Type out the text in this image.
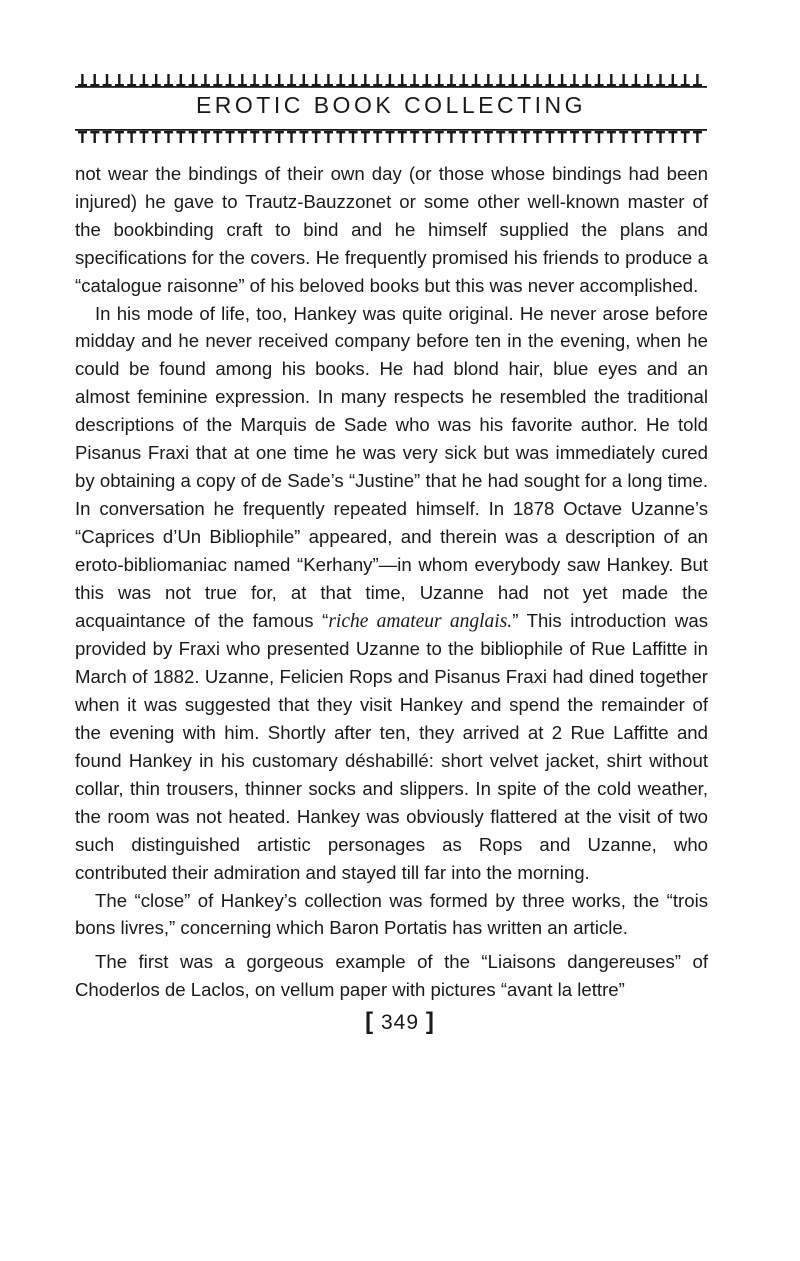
EROTIC BOOK COLLECTING

not wear the bindings of their own day (or those whose bindings had been injured) he gave to Trautz-Bauzzonet or some other well-known master of the bookbinding craft to bind and he himself supplied the plans and specifications for the covers. He frequently promised his friends to produce a “catalogue raisonne” of his beloved books but this was never accomplished.

In his mode of life, too, Hankey was quite original. He never arose before midday and he never received company before ten in the evening, when he could be found among his books. He had blond hair, blue eyes and an almost feminine expression. In many respects he resembled the traditional descriptions of the Marquis de Sade who was his favorite author. He told Pisanus Fraxi that at one time he was very sick but was immediately cured by obtaining a copy of de Sade’s “Justine” that he had sought for a long time. In conversation he frequently repeated himself. In 1878 Octave Uzanne’s “Caprices d’Un Bibliophile” appeared, and therein was a description of an eroto-bibliomaniac named “Kerhany”—in whom everybody saw Hankey. But this was not true for, at that time, Uzanne had not yet made the acquaintance of the famous “riche amateur anglais.” This introduction was provided by Fraxi who presented Uzanne to the bibliophile of Rue Laffitte in March of 1882. Uzanne, Felicien Rops and Pisanus Fraxi had dined together when it was suggested that they visit Hankey and spend the remainder of the evening with him. Shortly after ten, they arrived at 2 Rue Laffitte and found Hankey in his customary déshabillé: short velvet jacket, shirt without collar, thin trousers, thinner socks and slippers. In spite of the cold weather, the room was not heated. Hankey was obviously flattered at the visit of two such distinguished artistic personages as Rops and Uzanne, who contributed their admiration and stayed till far into the morning.

The “close” of Hankey’s collection was formed by three works, the “trois bons livres,” concerning which Baron Portatis has written an article.

The first was a gorgeous example of the “Liaisons dangereuses” of Choderlos de Laclos, on vellum paper with pictures “avant la lettre”

[ 349 ]
